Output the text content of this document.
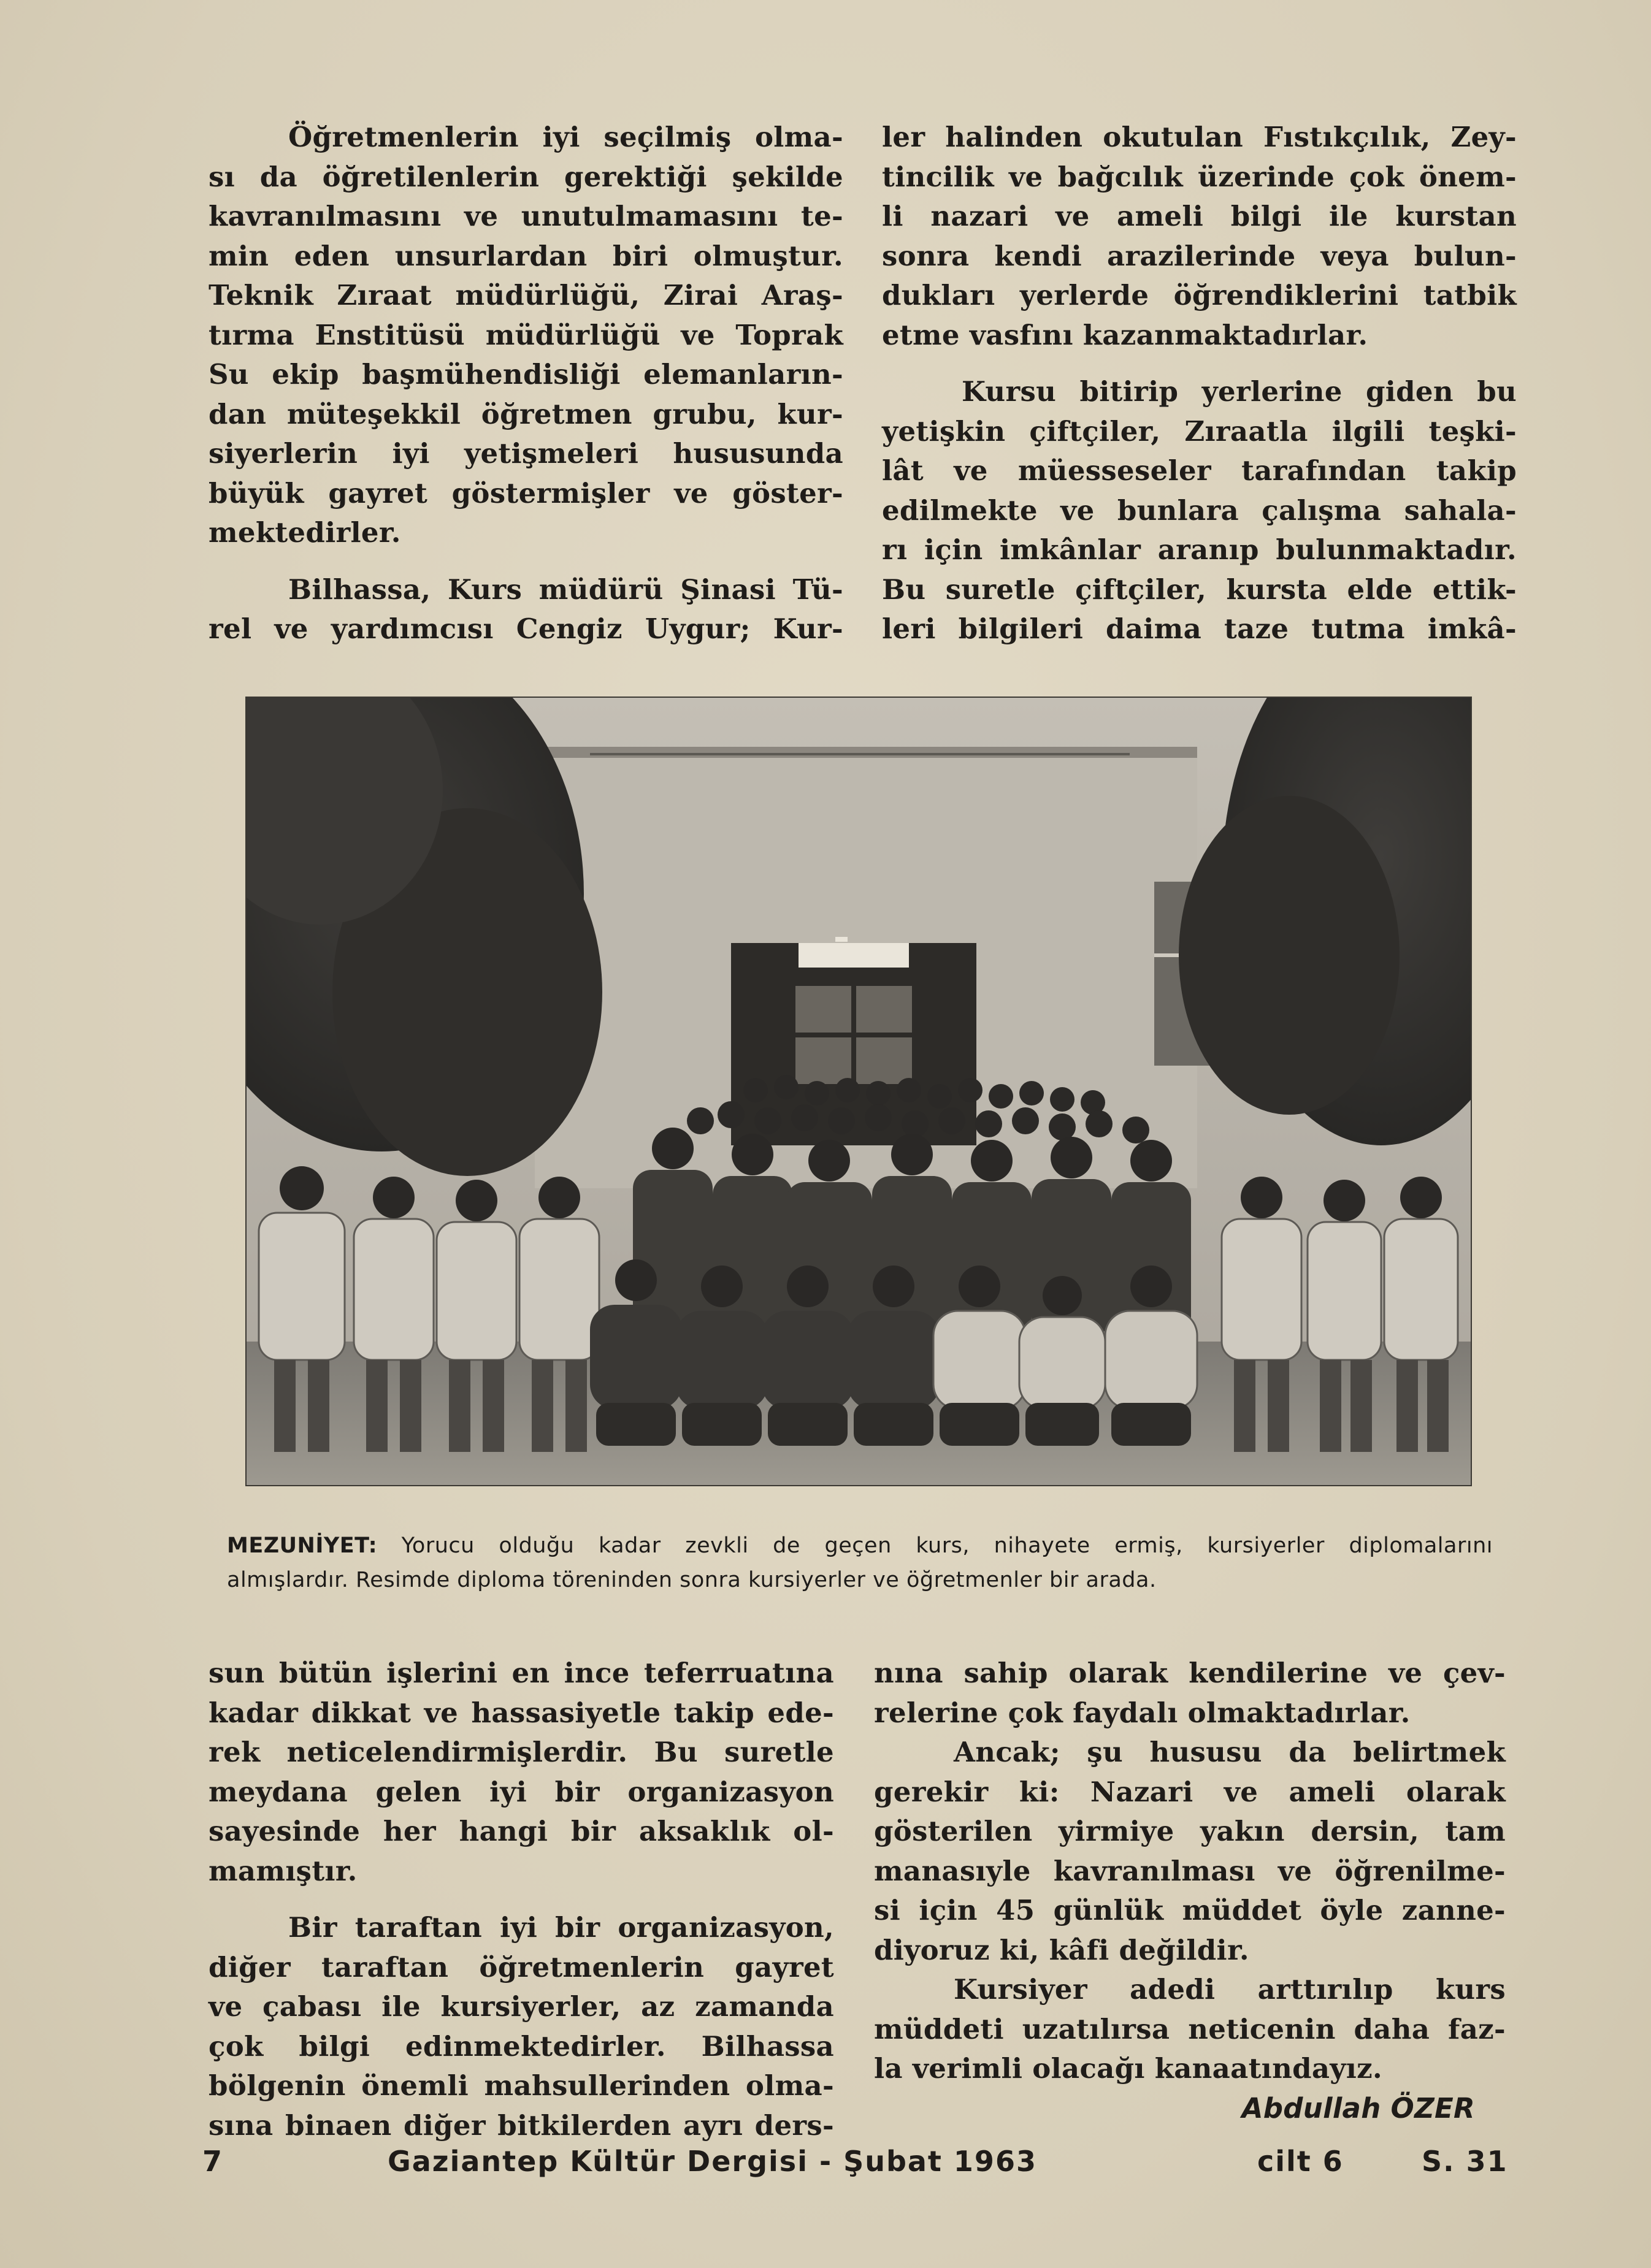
Öğretmenlerin iyi seçilmiş olma-

sı da öğretilenlerin gerektiği şekilde

kavranılmasını ve unutulmamasını te-

min eden unsurlardan biri olmuştur.

Teknik Zıraat müdürlüğü, Zirai Araş-

tırma Enstitüsü müdürlüğü ve Toprak

Su ekip başmühendisliği elemanların-

dan müteşekkil öğretmen grubu, kur-

siyerlerin iyi yetişmeleri hususunda

büyük gayret göstermişler ve göster-

mektedirler.

Bilhassa, Kurs müdürü Şinasi Tü-

rel ve yardımcısı Cengiz Uygur; Kur-

ler halinden okutulan Fıstıkçılık, Zey-

tincilik ve bağcılık üzerinde çok önem-

li nazari ve ameli bilgi ile kurstan

sonra kendi arazilerinde veya bulun-

dukları yerlerde öğrendiklerini tatbik

etme vasfını kazanmaktadırlar.

Kursu bitirip yerlerine giden bu

yetişkin çiftçiler, Zıraatla ilgili teşki-

lât ve müesseseler tarafından takip

edilmekte ve bunlara çalışma sahala-

rı için imkânlar aranıp bulunmaktadır.

Bu suretle çiftçiler, kursta elde ettik-

leri bilgileri daima taze tutma imkâ-

MEZUNİYET: Yorucu olduğu kadar zevkli de geçen kurs, nihayete ermiş, kursiyerler diplomalarını

almışlardır. Resimde diploma töreninden sonra kursiyerler ve öğretmenler bir arada.

sun bütün işlerini en ince teferruatına

kadar dikkat ve hassasiyetle takip ede-

rek neticelendirmişlerdir. Bu suretle

meydana gelen iyi bir organizasyon

sayesinde her hangi bir aksaklık ol-

mamıştır.

Bir taraftan iyi bir organizasyon,

diğer taraftan öğretmenlerin gayret

ve çabası ile kursiyerler, az zamanda

çok bilgi edinmektedirler. Bilhassa

bölgenin önemli mahsullerinden olma-

sına binaen diğer bitkilerden ayrı ders-

nına sahip olarak kendilerine ve çev-

relerine çok faydalı olmaktadırlar.

Ancak; şu hususu da belirtmek

gerekir ki: Nazari ve ameli olarak

gösterilen yirmiye yakın dersin, tam

manasıyle kavranılması ve öğrenilme-

si için 45 günlük müddet öyle zanne-

diyoruz ki, kâfi değildir.

Kursiyer adedi arttırılıp kurs

müddeti uzatılırsa neticenin daha faz-

la verimli olacağı kanaatındayız.

Abdullah ÖZER

7	Gaziantep Kültür Dergisi - Şubat 1963	cilt 6	S. 31
